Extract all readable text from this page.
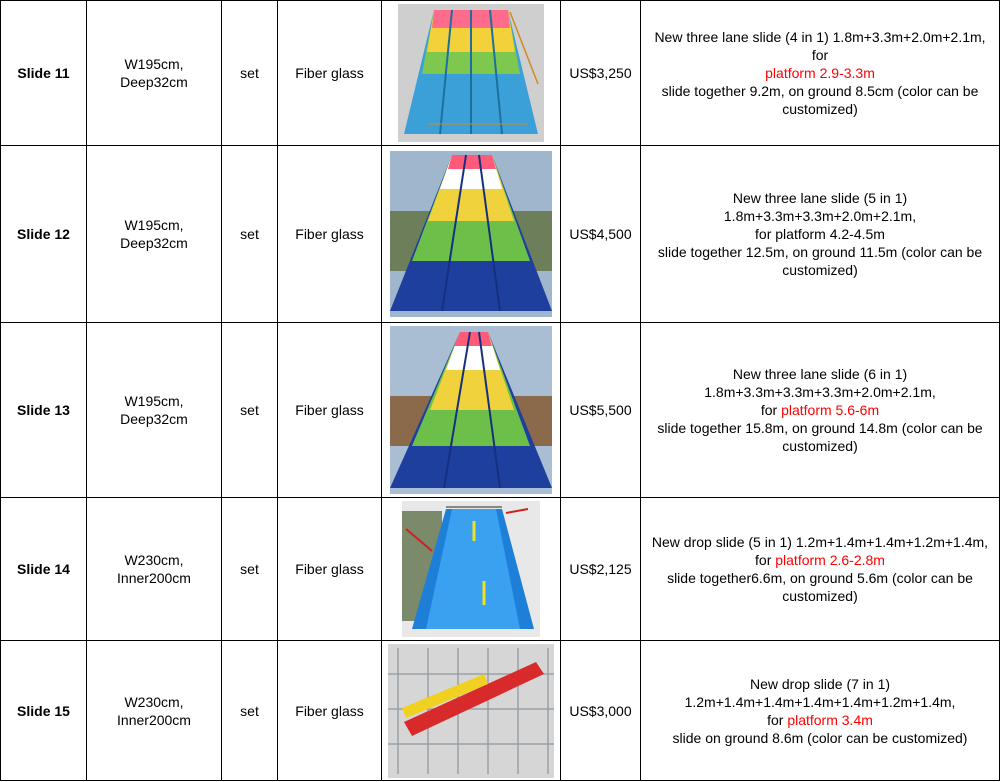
Slide 11	W195cm, Deep32cm	set	Fiber glass		US$3,250	New three lane slide (4 in 1) 1.8m+3.3m+2.0m+2.1m, for
platform 2.9-3.3m
slide together 9.2m, on ground 8.5cm (color can be customized)

Slide 12	W195cm, Deep32cm	set	Fiber glass		US$4,500	New three lane slide (5 in 1)
1.8m+3.3m+3.3m+2.0m+2.1m,
for platform 4.2-4.5m
slide together 12.5m, on ground 11.5m (color can be customized)

Slide 13	W195cm, Deep32cm	set	Fiber glass		US$5,500	New three lane slide (6 in 1)
1.8m+3.3m+3.3m+3.3m+2.0m+2.1m,
for platform 5.6-6m
slide together 15.8m, on ground 14.8m (color can be customized)

Slide 14	W230cm, Inner200cm	set	Fiber glass		US$2,125	New drop slide (5 in 1) 1.2m+1.4m+1.4m+1.2m+1.4m,
for platform 2.6-2.8m
slide together6.6m, on ground 5.6m (color can be customized)

Slide 15	W230cm, Inner200cm	set	Fiber glass		US$3,000	New drop slide (7 in 1)
1.2m+1.4m+1.4m+1.4m+1.4m+1.2m+1.4m,
for platform 3.4m
slide on ground 8.6m (color can be customized)
